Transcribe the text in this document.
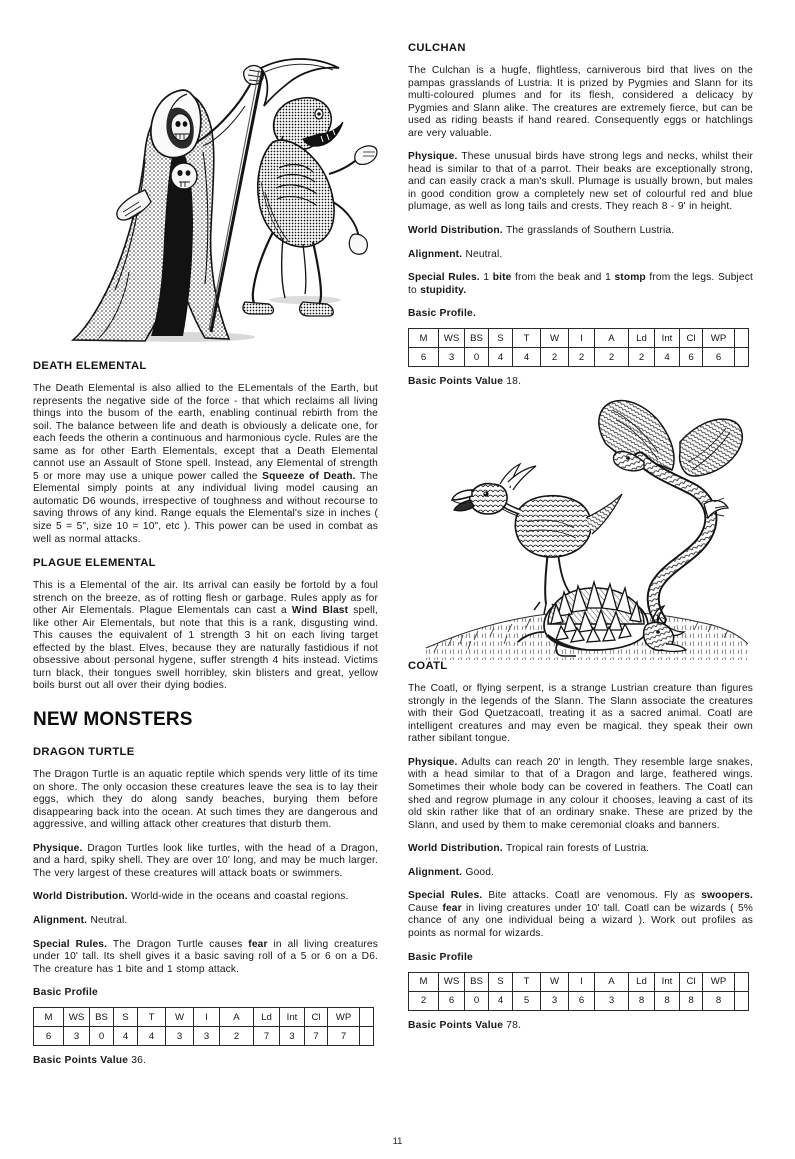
DEATH ELEMENTAL

The Death Elemental is also allied to the ELementals of the Earth, but represents the negative side of the force - that which reclaims all living things into the busom of the earth, enabling continual rebirth from the soil. The balance between life and death is obviously a delicate one, for each feeds the otherin a continuous and harmonious cycle. Rules are the same as for other Earth Elementals, except that a Death Elemental cannot use an Assault of Stone spell. Instead, any Elemental of strength 5 or more may use a unique power called the Squeeze of Death. The Elemental simply points at any individual living model causing an automatic D6 wounds, irrespective of toughness and without recourse to saving throws of any kind. Range equals the Elemental's size in inches ( size 5 = 5", size 10 = 10", etc ). This power can be used in combat as well as normal attacks.

PLAGUE ELEMENTAL

This is a Elemental of the air. Its arrival can easily be fortold by a foul strench on the breeze, as of rotting flesh or garbage. Rules apply as for other Air Elementals. Plague Elementals can cast a Wind Blast spell, like other Air Elementals, but note that this is a rank, disgusting wind. This causes the equivalent of 1 strength 3 hit on each living target effected by the blast. Elves, because they are naturally fastidious if not obsessive about personal hygene, suffer strength 4 hits instead. Victims turn black, their tongues swell horribley, skin blisters and great, yellow boils burst out all over their dying bodies.

NEW MONSTERS
DRAGON TURTLE

The Dragon Turtle is an aquatic reptile which spends very little of its time on shore. The only occasion these creatures leave the sea is to lay their eggs, which they do along sandy beaches, burying them before disappearing back into the ocean. At such times they are dangerous and aggressive, and willing attack other creatures that disturb them.

Physique. Dragon Turtles look like turtles, with the head of a Dragon, and a hard, spiky shell. They are over 10' long, and may be much larger. The very largest of these creatures will attack boats or swimmers.

World Distribution. World-wide in the oceans and coastal regions.

Alignment. Neutral.

Special Rules. The Dragon Turtle causes fear in all living creatures under 10' tall. Its shell gives it a basic saving roll of a 5 or 6 on a D6. The creature has 1 bite and 1 stomp attack.

Basic Profile
M	WS	BS	S	T	W	I	A	Ld	Int	Cl	WP	
6	3	0	4	4	3	3	2	7	3	7	7	
Basic Points Value 36.
CULCHAN

The Culchan is a hugfe, flightless, carniverous bird that lives on the pampas grasslands of Lustria. It is prized by Pygmies and Slann for its multi-coloured plumes and for its flesh, considered a delicacy by Pygmies and Slann alike. The creatures are extremely fierce, but can be used as riding beasts if hand reared. Consequently eggs or hatchlings are very valuable.

Physique. These unusual birds have strong legs and necks, whilst their head is similar to that of a parrot. Their beaks are exceptionally strong, and can easily crack a man's skull. Plumage is usually brown, but males in good condition grow a completely new set of colourful red and blue plumage, as well as long tails and crests. They reach 8 - 9' in height.

World Distribution. The grasslands of Southern Lustria.

Alignment. Neutral.

Special Rules. 1 bite from the beak and 1 stomp from the legs. Subject to stupidity.

Basic Profile.
M	WS	BS	S	T	W	I	A	Ld	Int	Cl	WP	
6	3	0	4	4	2	2	2	2	4	6	6	
Basic Points Value 18.
COATL

The Coatl, or flying serpent, is a strange Lustrian creature than figures strongly in the legends of the Slann. The Slann associate the creatures with their God Quetzacoatl, treating it as a sacred animal. Coatl are intelligent creatures and may even be magical. they speak their own rather sibilant tongue.

Physique. Adults can reach 20' in length. They resemble large snakes, with a head similar to that of a Dragon and large, feathered wings. Sometimes their whole body can be covered in feathers. The Coatl can shed and regrow plumage in any colour it chooses, leaving a cast of its old skin rather like that of an ordinary snake. These are prized by the Slann, and used by them to make ceremonial cloaks and banners.

World Distribution. Tropical rain forests of Lustria.

Alignment. Good.

Special Rules. Bite attacks. Coatl are venomous. Fly as swoopers. Cause fear in living creatures under 10' tall. Coatl can be wizards ( 5% chance of any one individual being a wizard ). Work out profiles as points as normal for wizards.

Basic Profile
M	WS	BS	S	T	W	I	A	Ld	Int	Cl	WP	
2	6	0	4	5	3	6	3	8	8	8	8	
Basic Points Value 78.
11
